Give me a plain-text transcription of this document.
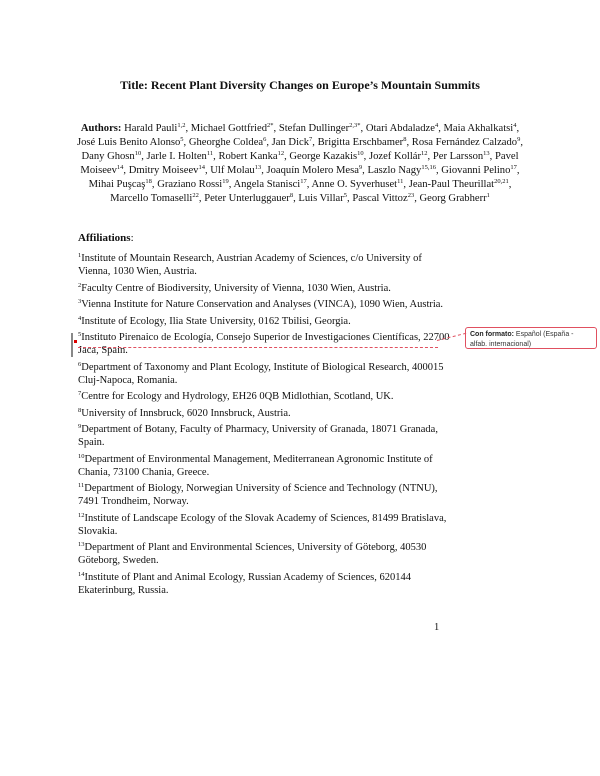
Title: Recent Plant Diversity Changes on Europe’s Mountain Summits
Authors: Harald Pauli$^{1,2}$, Michael Gottfried$^{2*}$, Stefan Dullinger$^{2,3*}$, Otari Abdaladze$^4$, Maia Akhalkatsi$^4$, José Luis Benito Alonso$^5$, Gheorghe Coldea$^6$, Jan Dick$^7$, Brigitta Erschbamer$^8$, Rosa Fernández Calzado$^9$, Dany Ghosn$^{10}$, Jarle I. Holten$^{11}$, Robert Kanka$^{12}$, George Kazakis$^{10}$, Jozef Kollár$^{12}$, Per Larsson$^{13}$, Pavel Moiseev$^{14}$, Dmitry Moiseev$^{14}$, Ulf Molau$^{13}$, Joaquín Molero Mesa$^9$, Laszlo Nagy$^{15,16}$, Giovanni Pelino$^{17}$, Mihai Puşcaş$^{18}$, Graziano Rossi$^{19}$, Angela Stanisci$^{17}$, Anne O. Syverhuset$^{11}$, Jean-Paul Theurillat$^{20,21}$, Marcello Tomaselli$^{22}$, Peter Unterluggauer$^8$, Luis Villar$^5$, Pascal Vittoz$^{23}$, Georg Grabherr$^1$
Affiliations:

$^1$Institute of Mountain Research, Austrian Academy of Sciences, c/o University of Vienna, 1030 Wien, Austria.

$^2$Faculty Centre of Biodiversity, University of Vienna, 1030 Wien, Austria.

$^3$Vienna Institute for Nature Conservation and Analyses (VINCA), 1090 Wien, Austria.

$^4$Institute of Ecology, Ilia State University, 0162 Tbilisi, Georgia.

$^5$Instituto Pirenaico de Ecología, Consejo Superior de Investigaciones Científicas, 22700 Jaca, Spain.

$^6$Department of Taxonomy and Plant Ecology, Institute of Biological Research, 400015 Cluj-Napoca, Romania.

$^7$Centre for Ecology and Hydrology, EH26 0QB Midlothian, Scotland, UK.

$^8$University of Innsbruck, 6020 Innsbruck, Austria.

$^9$Department of Botany, Faculty of Pharmacy, University of Granada, 18071 Granada, Spain.

$^{10}$Department of Environmental Management, Mediterranean Agronomic Institute of Chania, 73100 Chania, Greece.

$^{11}$Department of Biology, Norwegian University of Science and Technology (NTNU), 7491 Trondheim, Norway.

$^{12}$Institute of Landscape Ecology of the Slovak Academy of Sciences, 81499 Bratislava, Slovakia.

$^{13}$Department of Plant and Environmental Sciences, University of Göteborg, 40530 Göteborg, Sweden.

$^{14}$Institute of Plant and Animal Ecology, Russian Academy of Sciences, 620144 Ekaterinburg, Russia.

Con formato: Español (España - alfab. internacional)
1
